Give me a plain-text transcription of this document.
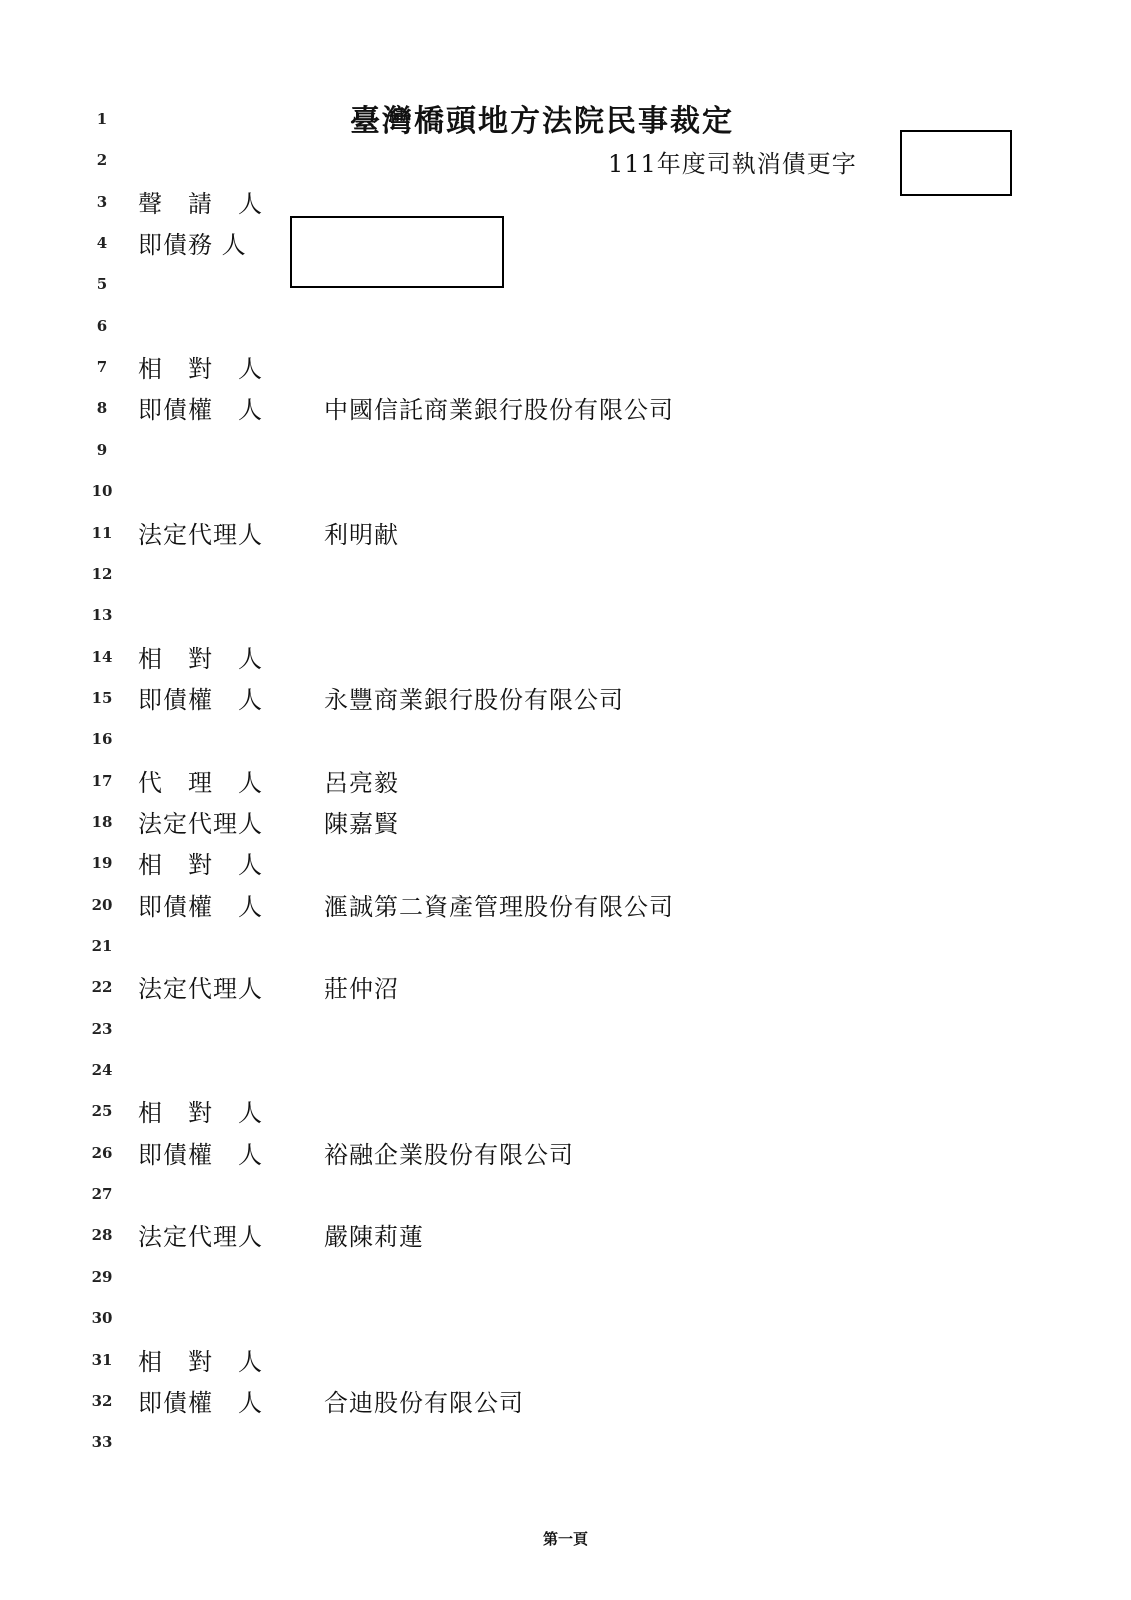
臺灣橋頭地方法院民事裁定
111年度司執消債更字
1
2
3
4
5
6
7
8
9
10
11
12
13
14
15
16
17
18
19
20
21
22
23
24
25
26
27
28
29
30
31
32
33
聲　請　人
即債務 人
相　對　人
即債權　人	中國信託商業銀行股份有限公司
法定代理人	利明献
相　對　人
即債權　人	永豐商業銀行股份有限公司
代　理　人	呂亮毅
法定代理人	陳嘉賢
相　對　人
即債權　人	滙誠第二資產管理股份有限公司
法定代理人	莊仲沼
相　對　人
即債權　人	裕融企業股份有限公司
法定代理人	嚴陳莉蓮
相　對　人
即債權　人	合迪股份有限公司
第一頁
